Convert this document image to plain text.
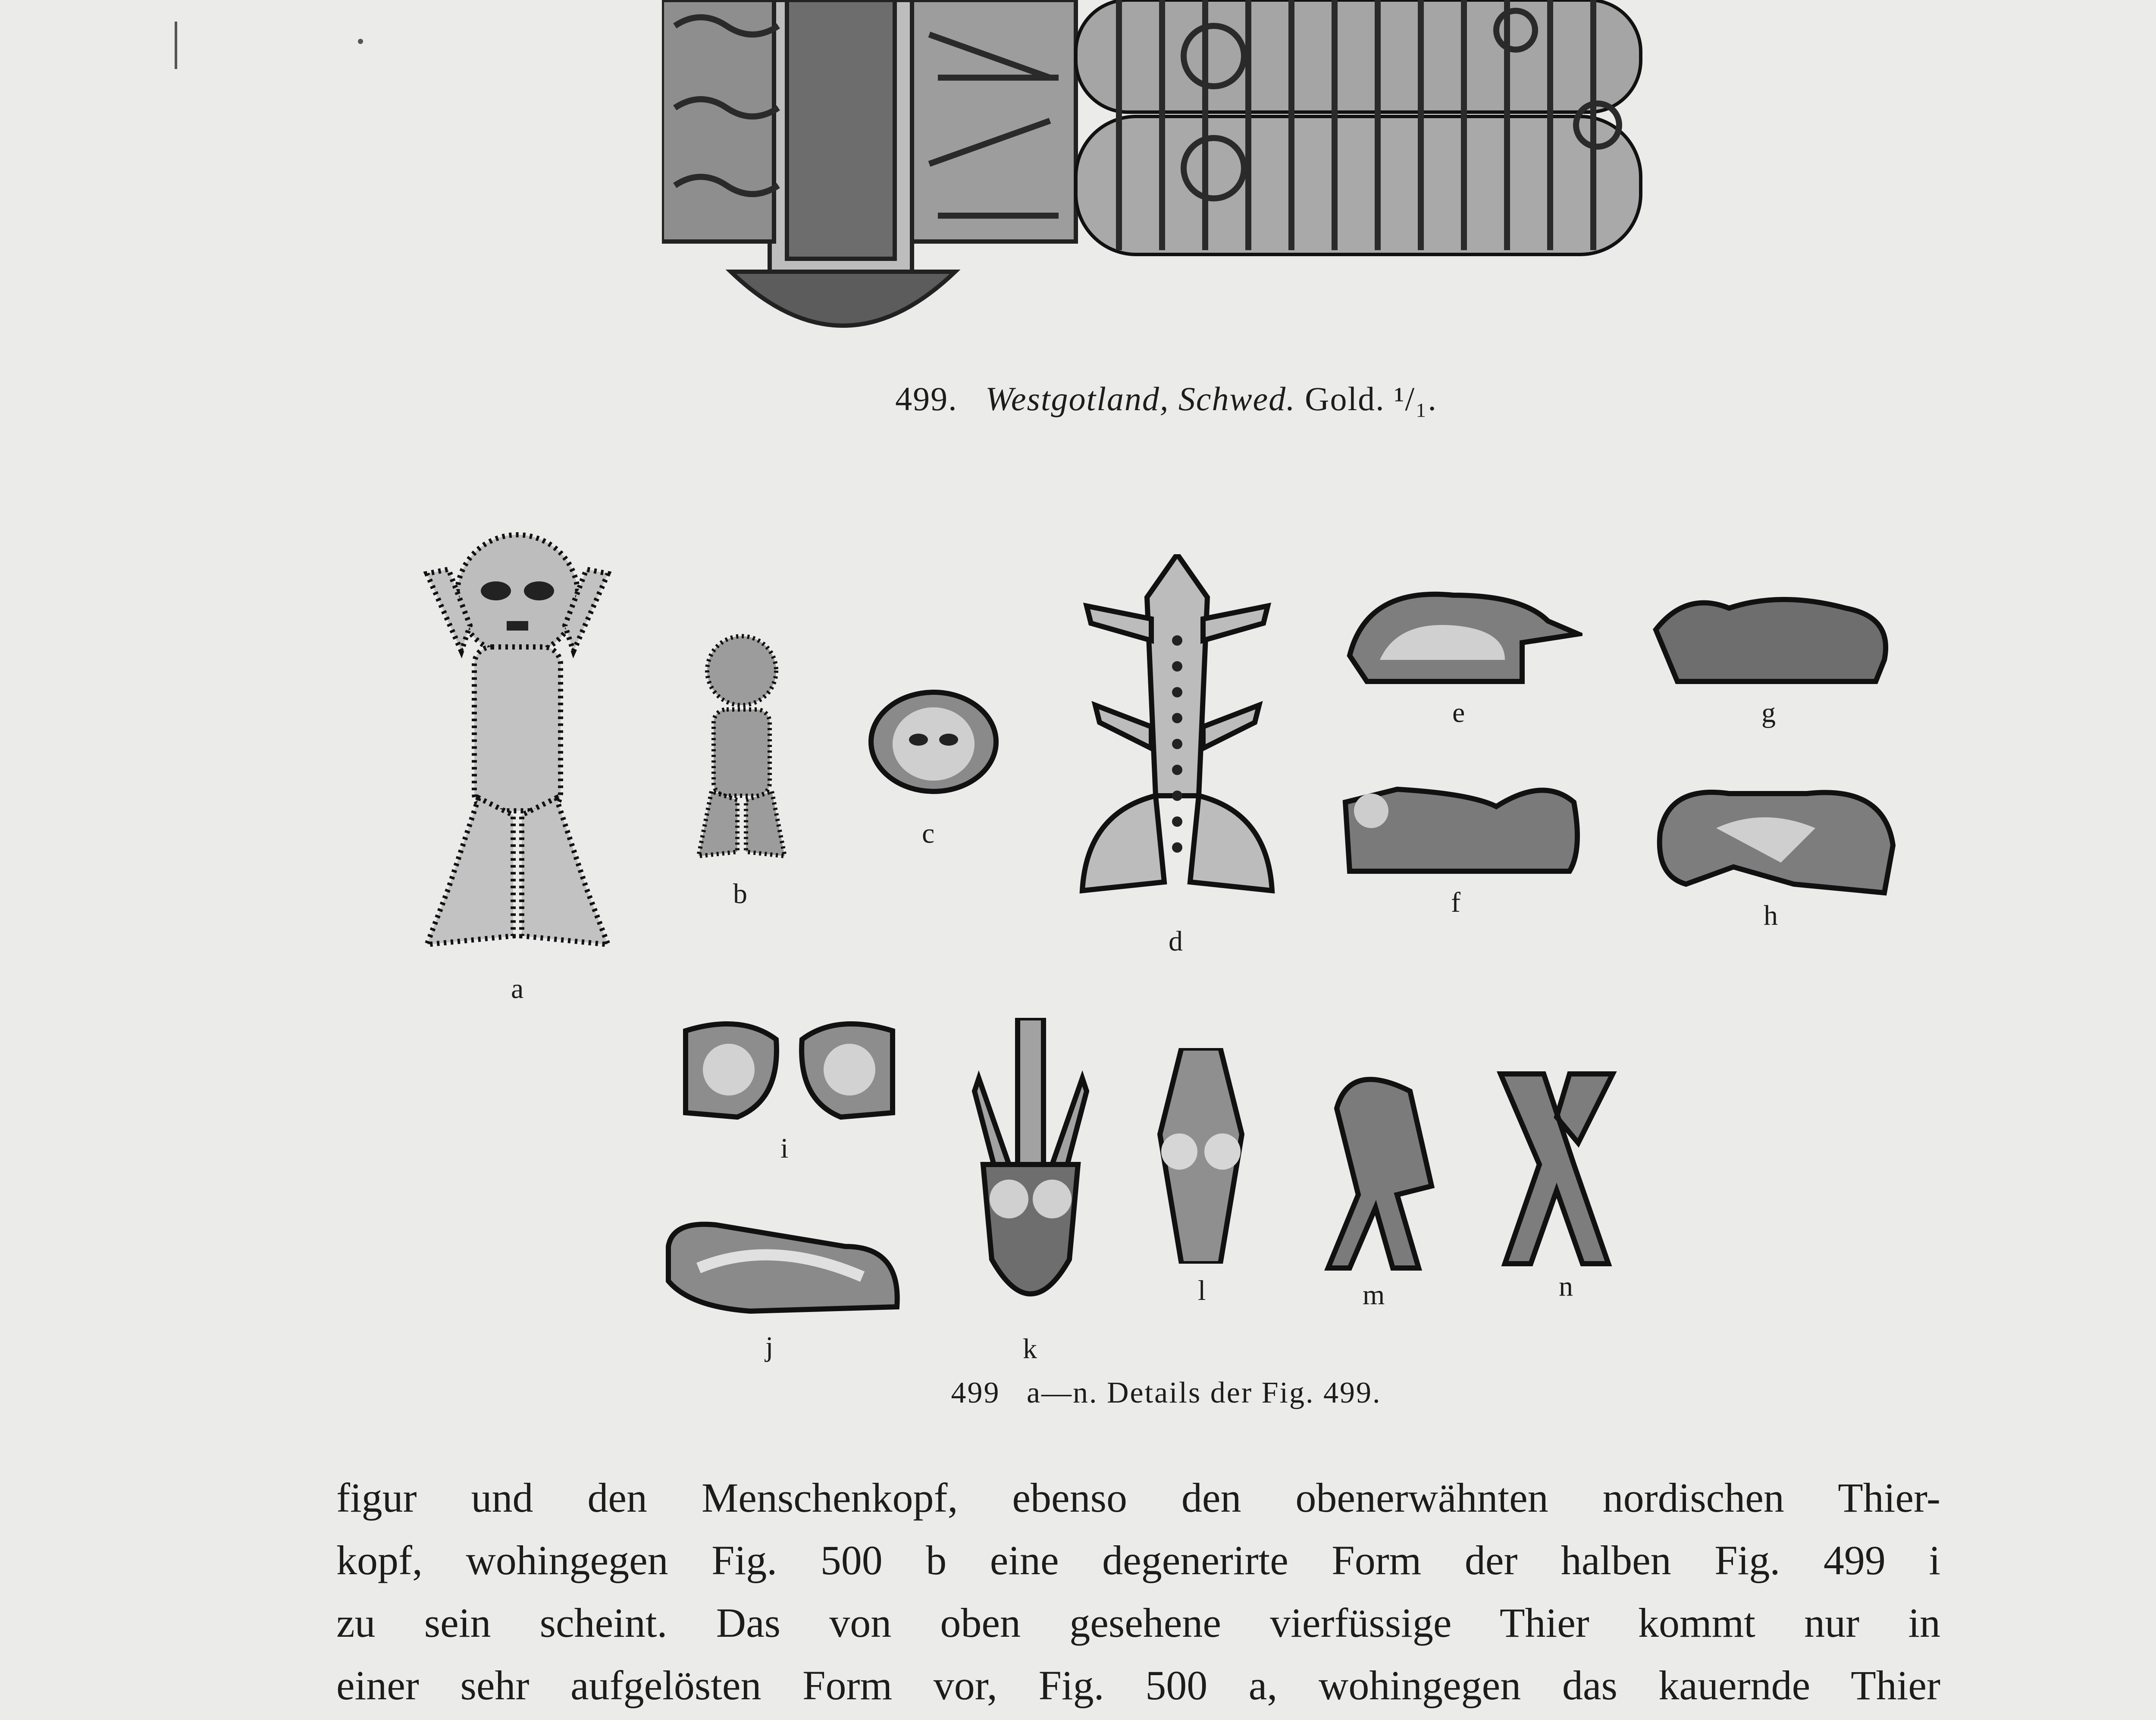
499. Westgotland, Schwed. Gold. ¹/₁.
a
b
c
d
e	g
f	h
i
j	k
l	m	n
499   a—n. Details der Fig. 499.
figur und den Menschenkopf, ebenso den obenerwähnten nordischen Thier-
kopf, wohingegen Fig. 500 b eine degenerirte Form der halben Fig. 499 i
zu sein scheint. Das von oben gesehene vierfüssige Thier kommt nur in
einer sehr aufgelösten Form vor, Fig. 500 a, wohingegen das kauernde Thier
